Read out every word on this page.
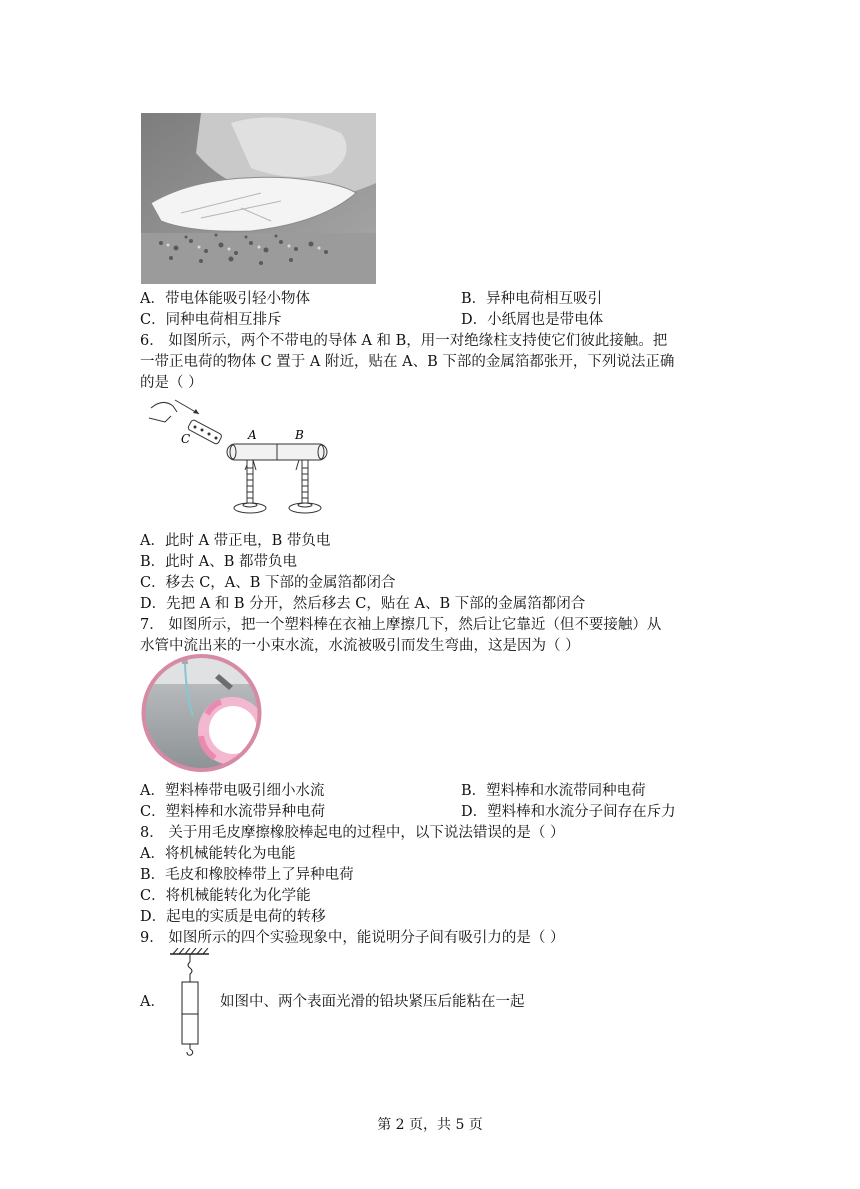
A．带电体能吸引轻小物体	B．异种电荷相互吸引
C．同种电荷相互排斥	D．小纸屑也是带电体
6． 如图所示，两个不带电的导体 A 和 B，用一对绝缘柱支持使它们彼此接触。把
一带正电荷的物体 C 置于 A 附近，贴在 A、B 下部的金属箔都张开，下列说法正确
的是（ ）
C	A	B
A．此时 A 带正电，B 带负电
B．此时 A、B 都带负电
C．移去 C，A、B 下部的金属箔都闭合
D．先把 A 和 B 分开，然后移去 C，贴在 A、B 下部的金属箔都闭合
7． 如图所示，把一个塑料棒在衣袖上摩擦几下，然后让它靠近（但不要接触）从
水管中流出来的一小束水流，水流被吸引而发生弯曲，这是因为（ ）
A．塑料棒带电吸引细小水流	B．塑料棒和水流带同种电荷
C．塑料棒和水流带异种电荷	D．塑料棒和水流分子间存在斥力
8． 关于用毛皮摩擦橡胶棒起电的过程中，以下说法错误的是（ ）
A．将机械能转化为电能
B．毛皮和橡胶棒带上了异种电荷
C．将机械能转化为化学能
D．起电的实质是电荷的转移
9． 如图所示的四个实验现象中，能说明分子间有吸引力的是（ ）
A．	如图中、两个表面光滑的铅块紧压后能粘在一起
第 2 页，共 5 页
